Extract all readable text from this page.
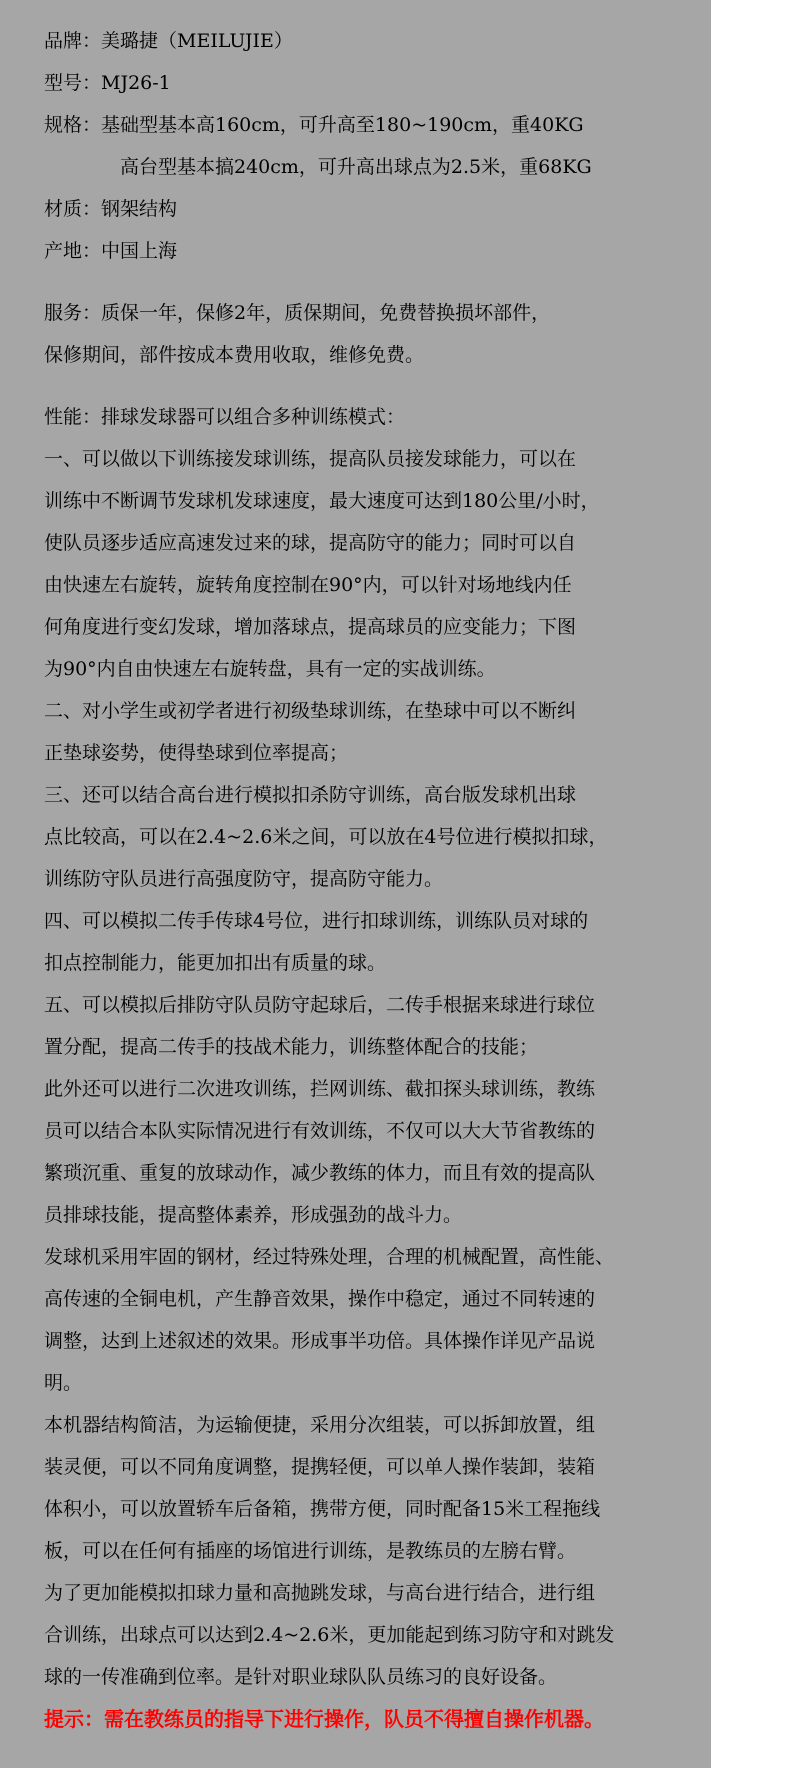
品牌：美璐捷（MEILUJIE）
型号：MJ26-1
规格：基础型基本高160cm，可升高至180~190cm，重40KG
高台型基本搞240cm，可升高出球点为2.5米，重68KG
材质：钢架结构
产地：中国上海
服务：质保一年，保修2年，质保期间，免费替换损坏部件，
保修期间，部件按成本费用收取，维修免费。
性能：排球发球器可以组合多种训练模式：
一、可以做以下训练接发球训练，提高队员接发球能力，可以在
训练中不断调节发球机发球速度，最大速度可达到180公里/小时，
使队员逐步适应高速发过来的球，提高防守的能力；同时可以自
由快速左右旋转，旋转角度控制在90°内，可以针对场地线内任
何角度进行变幻发球，增加落球点，提高球员的应变能力；下图
为90°内自由快速左右旋转盘，具有一定的实战训练。
二、对小学生或初学者进行初级垫球训练，在垫球中可以不断纠
正垫球姿势，使得垫球到位率提高；
三、还可以结合高台进行模拟扣杀防守训练，高台版发球机出球
点比较高，可以在2.4~2.6米之间，可以放在4号位进行模拟扣球，
训练防守队员进行高强度防守，提高防守能力。
四、可以模拟二传手传球4号位，进行扣球训练，训练队员对球的
扣点控制能力，能更加扣出有质量的球。
五、可以模拟后排防守队员防守起球后，二传手根据来球进行球位
置分配，提高二传手的技战术能力，训练整体配合的技能；
此外还可以进行二次进攻训练，拦网训练、截扣探头球训练，教练
员可以结合本队实际情况进行有效训练，不仅可以大大节省教练的
繁琐沉重、重复的放球动作，减少教练的体力，而且有效的提高队
员排球技能，提高整体素养，形成强劲的战斗力。
发球机采用牢固的钢材，经过特殊处理，合理的机械配置，高性能、
高传速的全铜电机，产生静音效果，操作中稳定，通过不同转速的
调整，达到上述叙述的效果。形成事半功倍。具体操作详见产品说
明。
本机器结构简洁，为运输便捷，采用分次组装，可以拆卸放置，组
装灵便，可以不同角度调整，提携轻便，可以单人操作装卸，装箱
体积小，可以放置轿车后备箱，携带方便，同时配备15米工程拖线
板，可以在任何有插座的场馆进行训练，是教练员的左膀右臂。
为了更加能模拟扣球力量和高抛跳发球，与高台进行结合，进行组
合训练，出球点可以达到2.4~2.6米，更加能起到练习防守和对跳发
球的一传准确到位率。是针对职业球队队员练习的良好设备。
提示：需在教练员的指导下进行操作，队员不得擅自操作机器。
